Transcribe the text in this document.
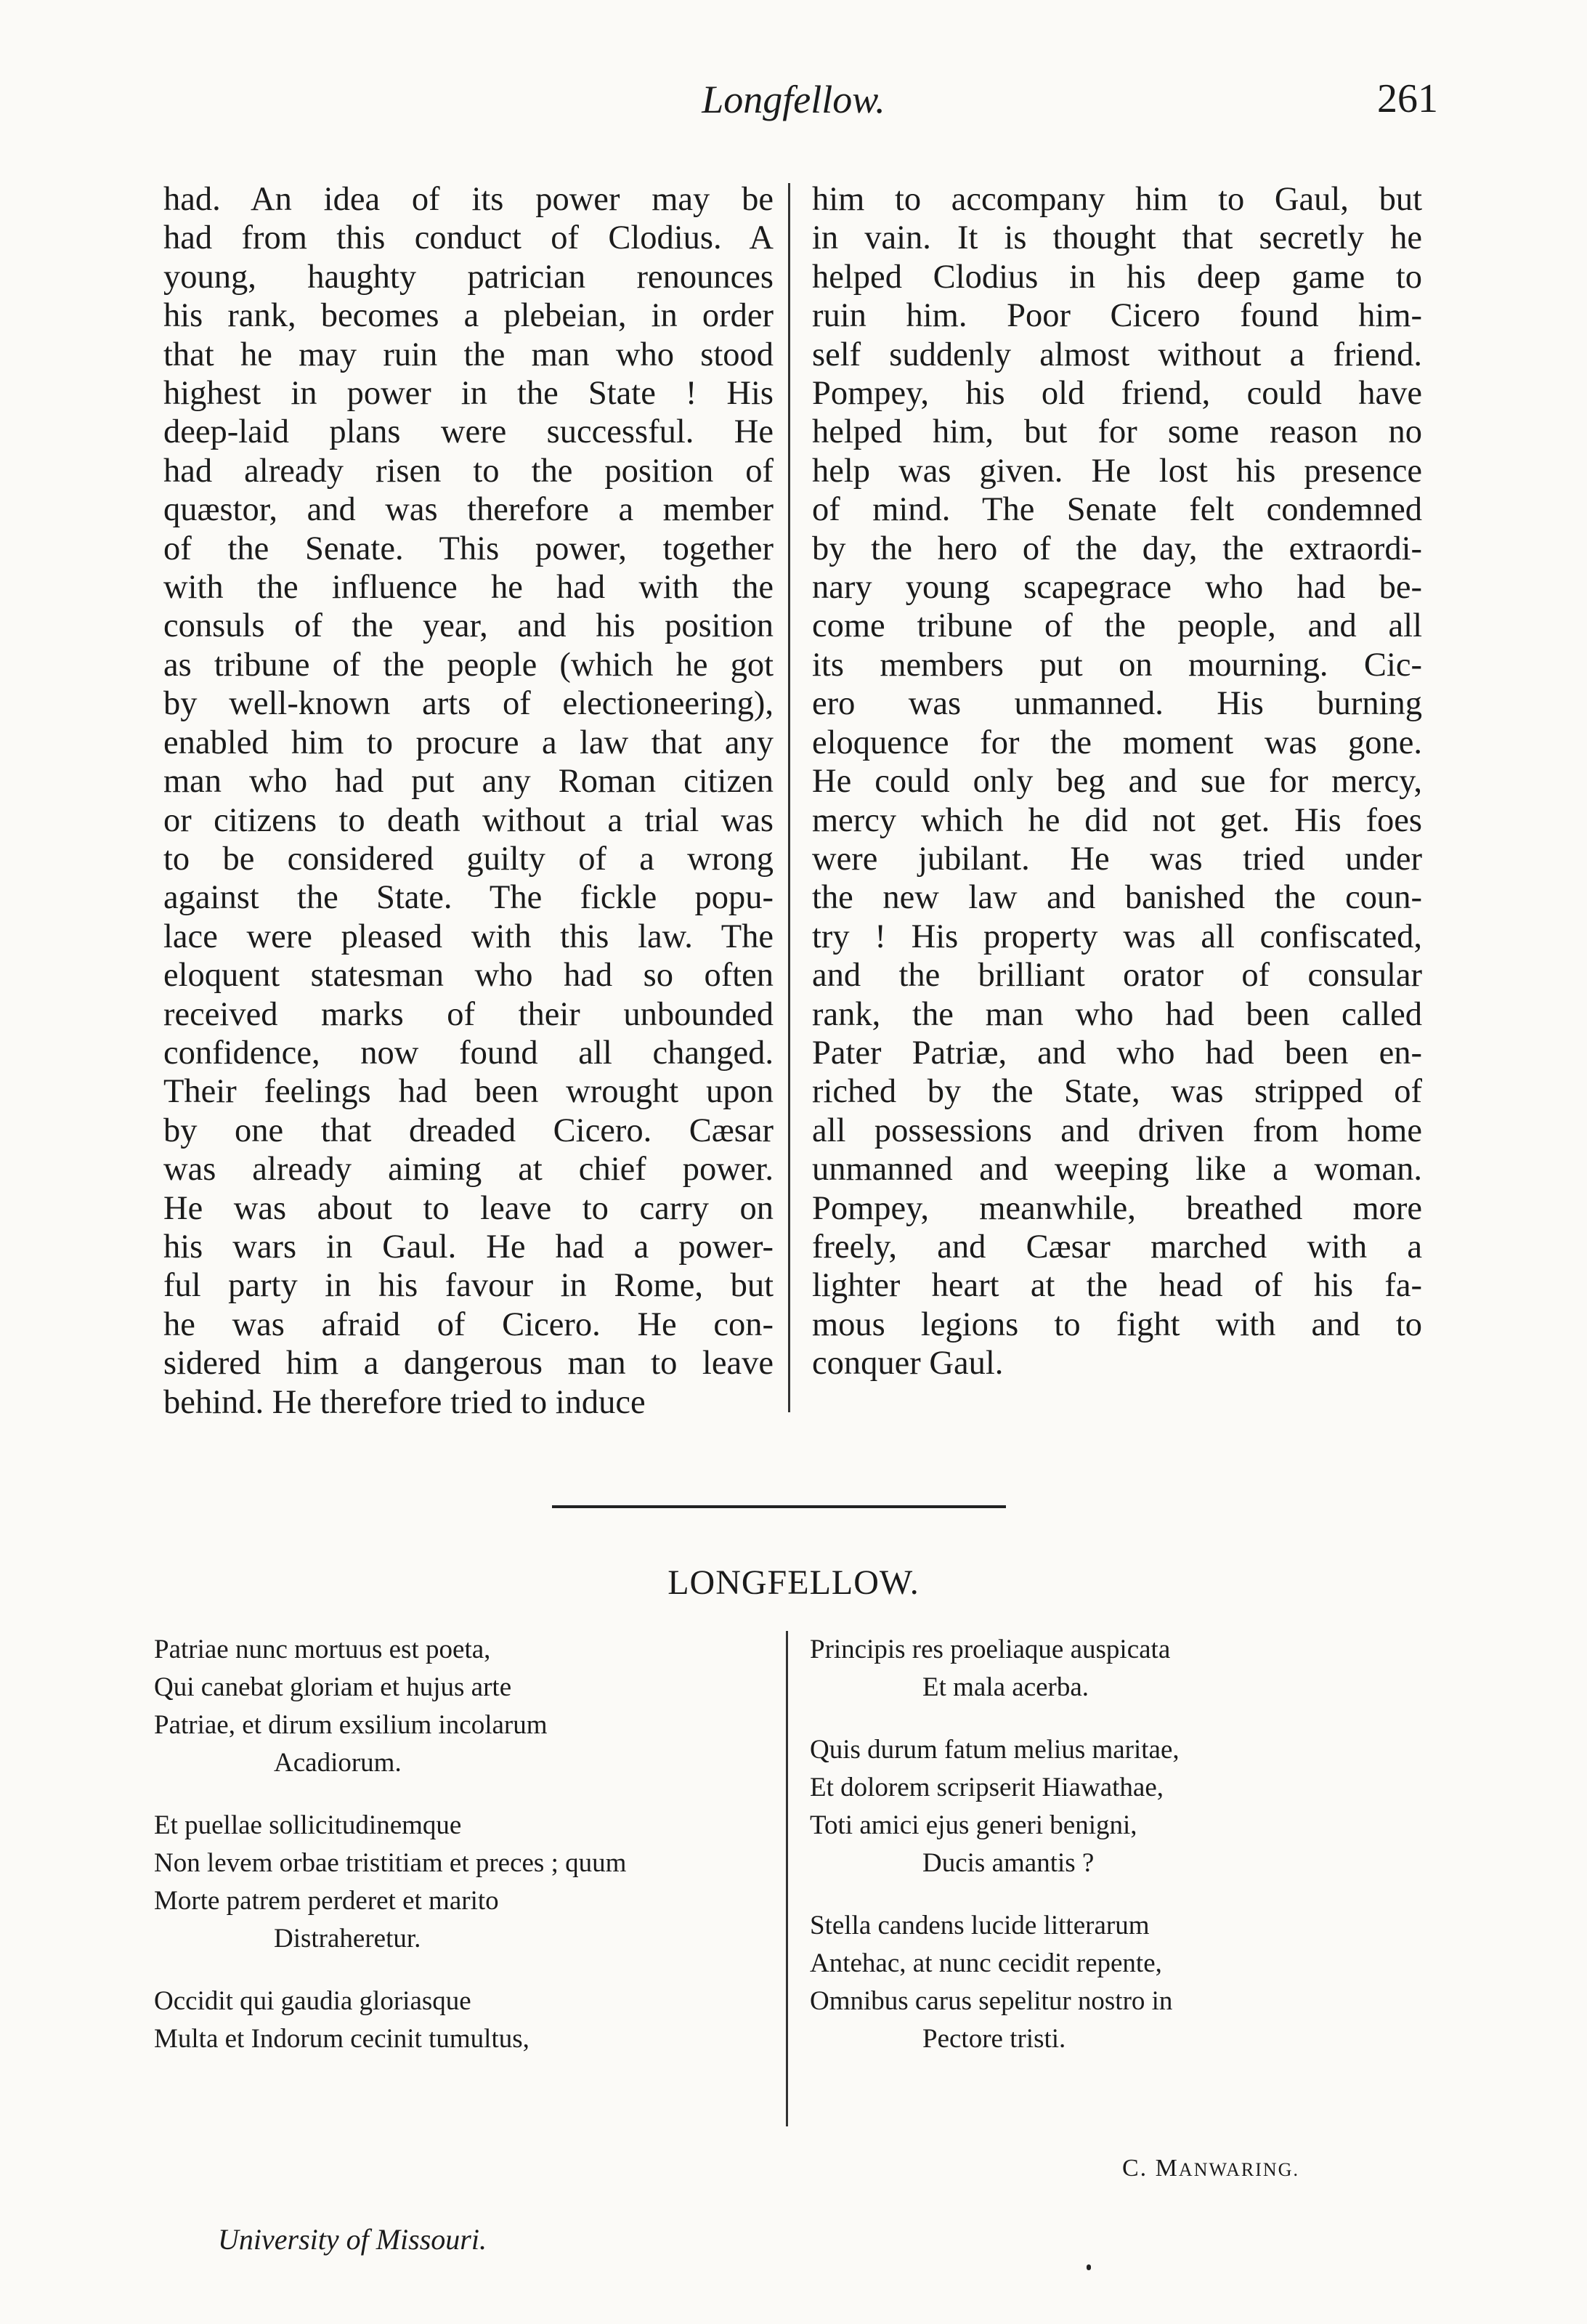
Longfellow.	261
had. An idea of its power may be
had from this conduct of Clodius. A
young, haughty patrician renounces
his rank, becomes a plebeian, in order
that he may ruin the man who stood
highest in power in the State ! His
deep-laid plans were successful. He
had already risen to the position of
quæstor, and was therefore a member
of the Senate. This power, together
with the influence he had with the
consuls of the year, and his position
as tribune of the people (which he got
by well-known arts of electioneering),
enabled him to procure a law that any
man who had put any Roman citizen
or citizens to death without a trial was
to be considered guilty of a wrong
against the State. The fickle popu-
lace were pleased with this law. The
eloquent statesman who had so often
received marks of their unbounded
confidence, now found all changed.
Their feelings had been wrought upon
by one that dreaded Cicero. Cæsar
was already aiming at chief power.
He was about to leave to carry on
his wars in Gaul. He had a power-
ful party in his favour in Rome, but
he was afraid of Cicero. He con-
sidered him a dangerous man to leave
behind. He therefore tried to induce
him to accompany him to Gaul, but
in vain. It is thought that secretly he
helped Clodius in his deep game to
ruin him. Poor Cicero found him-
self suddenly almost without a friend.
Pompey, his old friend, could have
helped him, but for some reason no
help was given. He lost his presence
of mind. The Senate felt condemned
by the hero of the day, the extraordi-
nary young scapegrace who had be-
come tribune of the people, and all
its members put on mourning. Cic-
ero was unmanned. His burning
eloquence for the moment was gone.
He could only beg and sue for mercy,
mercy which he did not get. His foes
were jubilant. He was tried under
the new law and banished the coun-
try ! His property was all confiscated,
and the brilliant orator of consular
rank, the man who had been called
Pater Patriæ, and who had been en-
riched by the State, was stripped of
all possessions and driven from home
unmanned and weeping like a woman.
Pompey, meanwhile, breathed more
freely, and Cæsar marched with a
lighter heart at the head of his fa-
mous legions to fight with and to
conquer Gaul.
LONGFELLOW.
Patriae nunc mortuus est poeta,
Qui canebat gloriam et hujus arte
Patriae, et dirum exsilium incolarum
Acadiorum.
Et puellae sollicitudinemque
Non levem orbae tristitiam et preces ; quum
Morte patrem perderet et marito
Distraheretur.
Occidit qui gaudia gloriasque
Multa et Indorum cecinit tumultus,
Principis res proeliaque auspicata
Et mala acerba.
Quis durum fatum melius maritae,
Et dolorem scripserit Hiawathae,
Toti amici ejus generi benigni,
Ducis amantis ?
Stella candens lucide litterarum
Antehac, at nunc cecidit repente,
Omnibus carus sepelitur nostro in
Pectore tristi.
C. MANWARING.
University of Missouri.
